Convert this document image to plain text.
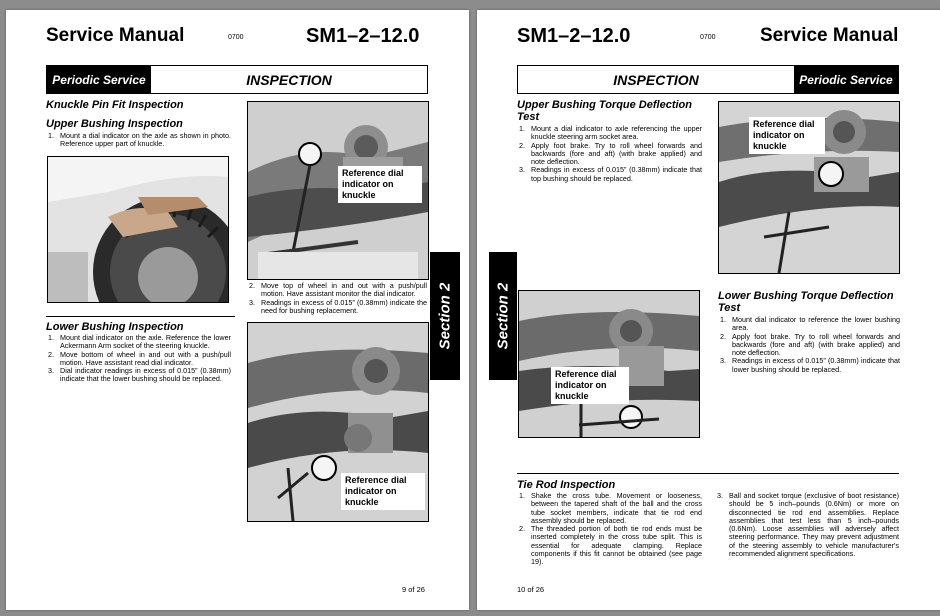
Service Manual	0700	SM1–2–12.0
Periodic Service	INSPECTION
Knuckle Pin Fit Inspection
Upper Bushing Inspection
1. Mount a dial indicator on the axle as shown in photo. Reference upper part of knuckle.
Reference dial indicator on knuckle
2. Move top of wheel in and out with a push/pull motion. Have assistant monitor the dial indicator.
3. Readings in excess of 0.015” (0.38mm) indicate the need for bushing replacement.
Lower Bushing Inspection
1. Mount dial indicator on the axle. Reference the lower Ackermann Arm socket of the steering knuckle.
2. Move bottom of wheel in and out with a push/pull motion. Have assistant read dial indicator.
3. Dial indicator readings in excess of 0.015” (0.38mm) indicate that the lower bushing should be replaced.
Reference dial indicator on knuckle
Section 2
9 of 26
SM1–2–12.0	0700 Service Manual
INSPECTION	Periodic Service
Upper Bushing Torque Deflection Test
1. Mount a dial indicator to axle referencing the upper knuckle steering arm socket area.
2. Apply foot brake. Try to roll wheel forwards and backwards (fore and aft) (with brake applied) and note deflection.
3. Readings in excess of 0.015” (0.38mm) indicate that top bushing should be replaced.
Reference dial indicator on knuckle
Section 2
Reference dial indicator on knuckle
Lower Bushing Torque Deflection Test
1. Mount dial indicator to reference the lower bushing area.
2. Apply foot brake. Try to roll wheel forwards and backwards (fore and aft) (with brake applied) and note deflection.
3. Readings in excess of 0.015” (0.38mm) indicate that lower bushing should be replaced.
Tie Rod Inspection
1. Shake the cross tube. Movement or looseness, between the tapered shaft of the ball and the cross tube socket members, indicate that tie rod end assembly should be replaced.
2. The threaded portion of both tie rod ends must be inserted completely in the cross tube split. This is essential for adequate clamping. Replace components if this fit cannot be obtained (see page 19).
3. Ball and socket torque (exclusive of boot resistance) should be 5 inch–pounds (0.6Nm) or more on disconnected tie rod end assemblies. Replace assemblies that test less than 5 inch–pounds (0.6Nm). Loose assemblies will adversely affect steering performance. They may prevent adjustment of the steering assembly to vehicle manufacturer's recommended alignment specifications.
10 of 26
